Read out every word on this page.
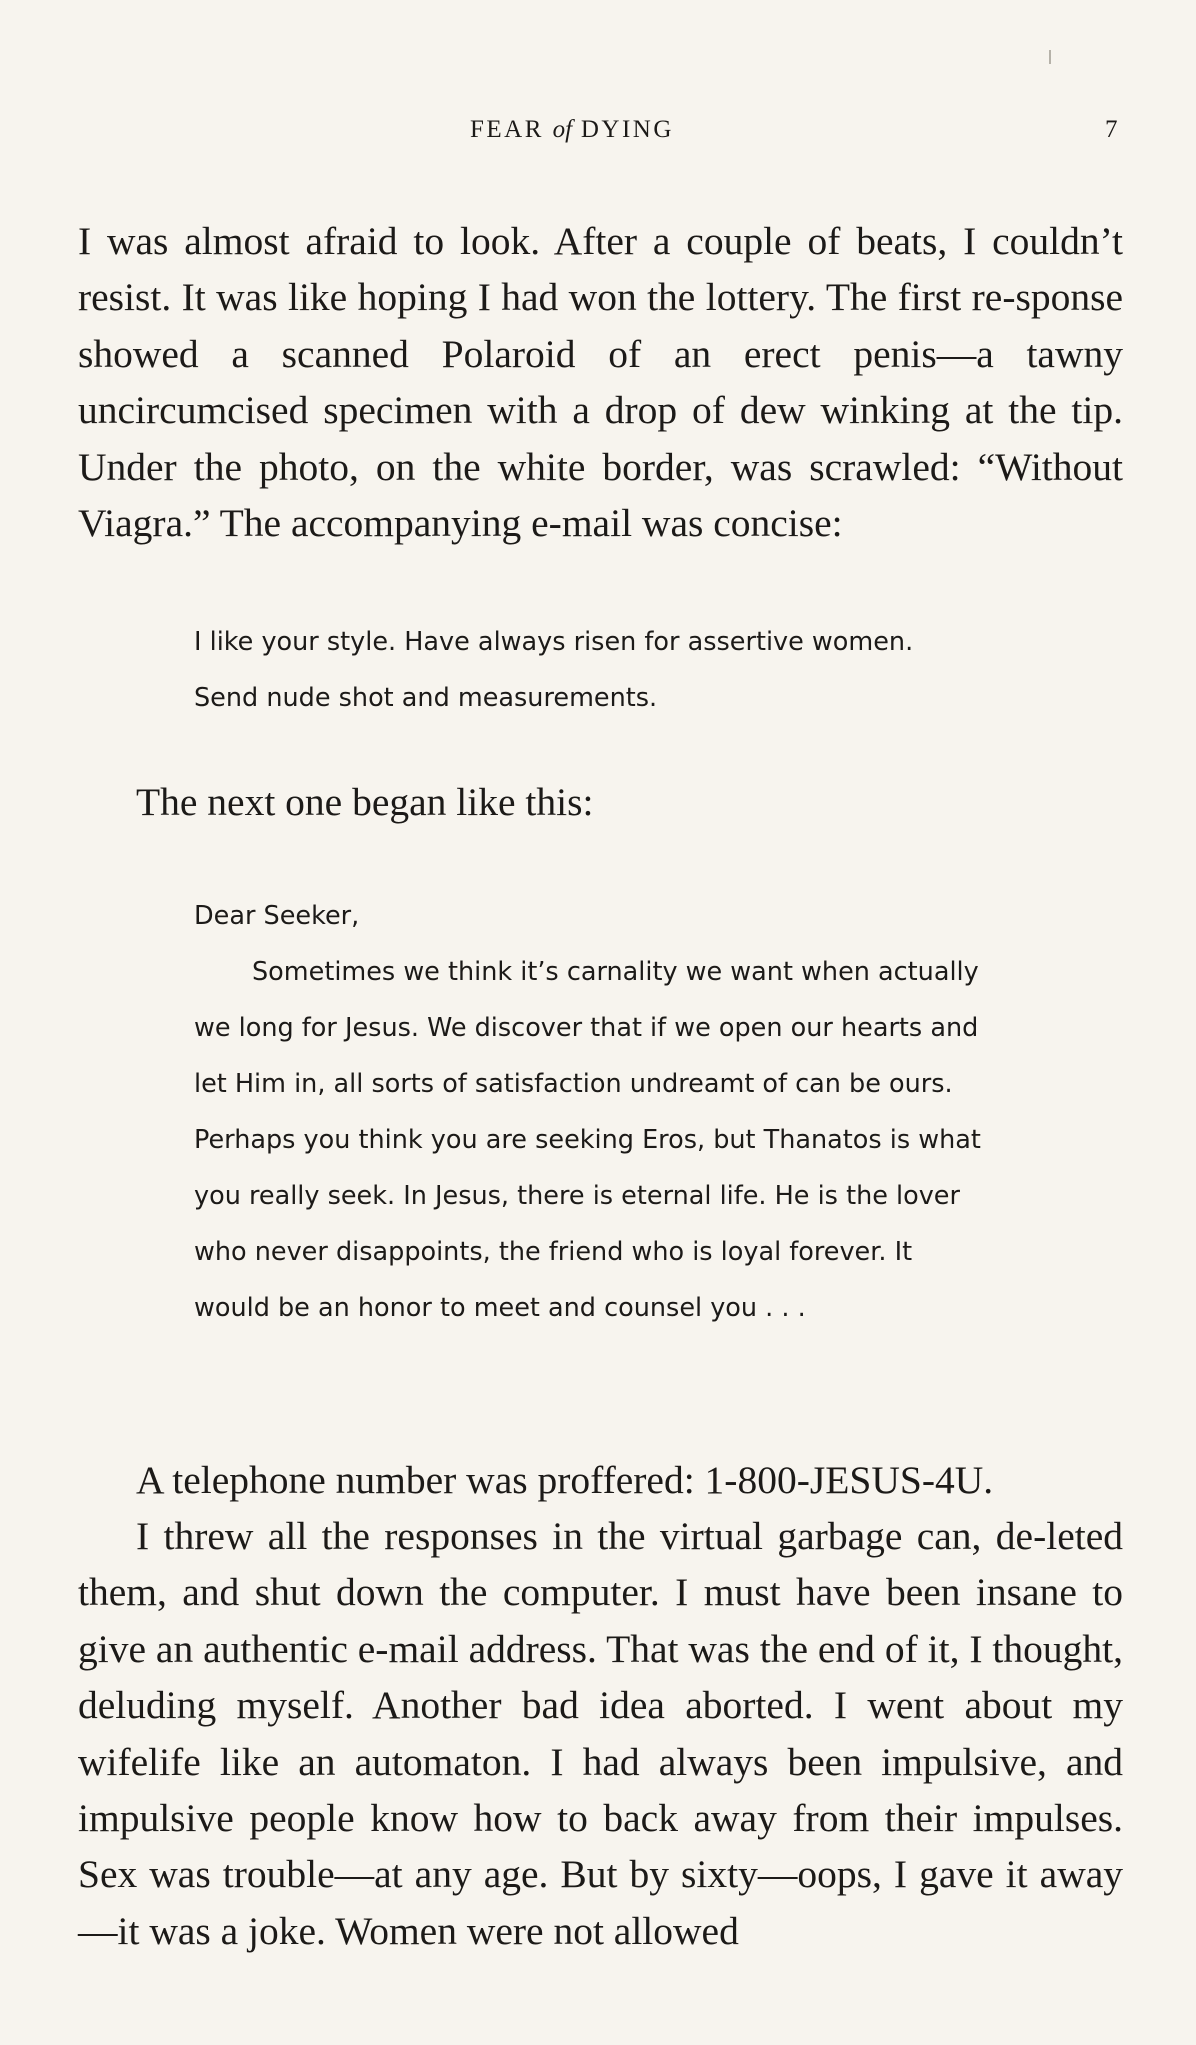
FEAR of DYING	7

I was almost afraid to look. After a couple of beats, I couldn’t resist. It was like hoping I had won the lottery. The first re-sponse showed a scanned Polaroid of an erect penis—a tawny uncircumcised specimen with a drop of dew winking at the tip. Under the photo, on the white border, was scrawled: “Without Viagra.” The accompanying e-mail was concise:

I like your style. Have always risen for assertive women. Send nude shot and measurements.

The next one began like this:

Dear Seeker,

Sometimes we think it’s carnality we want when actually we long for Jesus. We discover that if we open our hearts and let Him in, all sorts of satisfaction undreamt of can be ours. Perhaps you think you are seeking Eros, but Thanatos is what you really seek. In Jesus, there is eternal life. He is the lover who never disappoints, the friend who is loyal forever. It would be an honor to meet and counsel you . . .

A telephone number was proffered: 1-800-JESUS-4U.

I threw all the responses in the virtual garbage can, de-leted them, and shut down the computer. I must have been insane to give an authentic e-mail address. That was the end of it, I thought, deluding myself. Another bad idea aborted. I went about my wifelife like an automaton. I had always been impulsive, and impulsive people know how to back away from their impulses. Sex was trouble—at any age. But by sixty—oops, I gave it away—it was a joke. Women were not allowed
